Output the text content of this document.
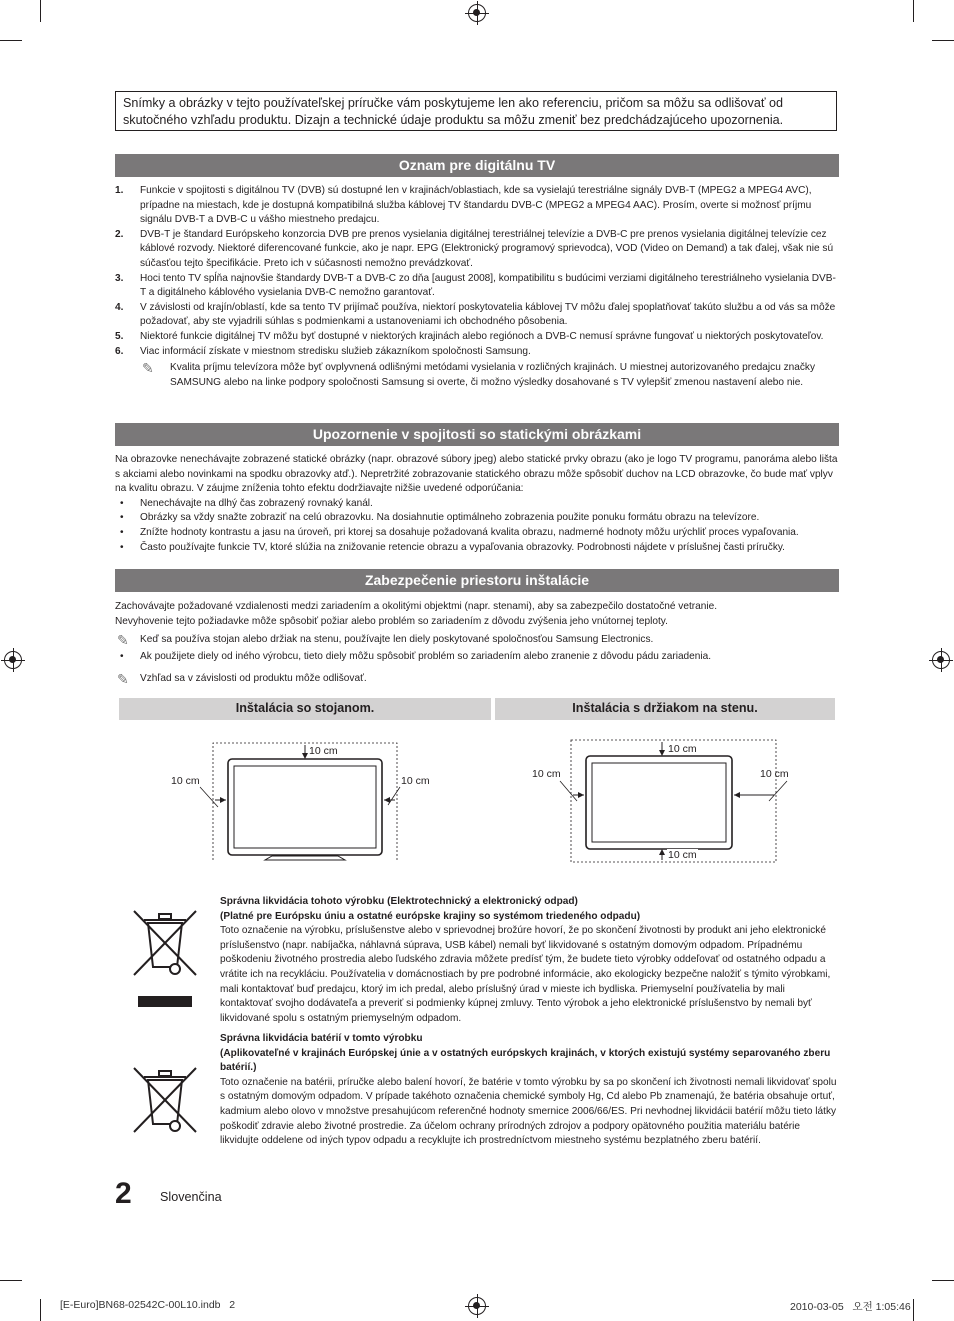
Snímky a obrázky v tejto používateľskej príručke vám poskytujeme len ako referenciu, pričom sa môžu sa odlišovať od skutočného vzhľadu produktu. Dizajn a technické údaje produktu sa môžu zmeniť bez predchádzajúceho upozornenia.
Oznam pre digitálnu TV
1. Funkcie v spojitosti s digitálnou TV (DVB) sú dostupné len v krajinách/oblastiach, kde sa vysielajú terestriálne signály DVB-T (MPEG2 a MPEG4 AVC), prípadne na miestach, kde je dostupná kompatibilná služba káblovej TV štandardu DVB-C (MPEG2 a MPEG4 AAC). Prosím, overte si možnosť príjmu signálu DVB-T a DVB-C u vášho miestneho predajcu.
2. DVB-T je štandard Európskeho konzorcia DVB pre prenos vysielania digitálnej terestriálnej televízie a DVB-C pre prenos vysielania digitálnej televízie cez káblové rozvody. Niektoré diferencované funkcie, ako je napr. EPG (Elektronický programový sprievodca), VOD (Video on Demand) a tak ďalej, však nie sú súčasťou tejto špecifikácie. Preto ich v súčasnosti nemožno prevádzkovať.
3. Hoci tento TV spĺňa najnovšie štandardy DVB-T a DVB-C zo dňa [august 2008], kompatibilitu s budúcimi verziami digitálneho terestriálneho vysielania DVB-T a digitálneho káblového vysielania DVB-C nemožno garantovať.
4. V závislosti od krajín/oblastí, kde sa tento TV prijímač používa, niektorí poskytovatelia káblovej TV môžu ďalej spoplatňovať takúto službu a od vás sa môže požadovať, aby ste vyjadrili súhlas s podmienkami a ustanoveniami ich obchodného pôsobenia.
5. Niektoré funkcie digitálnej TV môžu byť dostupné v niektorých krajinách alebo regiónoch a DVB-C nemusí správne fungovať u niektorých poskytovateľov.
6. Viac informácií získate v miestnom stredisku služieb zákazníkom spoločnosti Samsung.
✎ Kvalita príjmu televízora môže byť ovplyvnená odlišnými metódami vysielania v rozličných krajinách. U miestnej autorizovaného predajcu značky SAMSUNG alebo na linke podpory spoločnosti Samsung si overte, či možno výsledky dosahované s TV vylepšiť zmenou nastavení alebo nie.
Upozornenie v spojitosti so statickými obrázkami
Na obrazovke nenechávajte zobrazené statické obrázky (napr. obrazové súbory jpeg) alebo statické prvky obrazu (ako je logo TV programu, panoráma alebo lišta s akciami alebo novinkami na spodku obrazovky atď.). Nepretržité zobrazovanie statického obrazu môže spôsobiť duchov na LCD obrazovke, čo bude mať vplyv na kvalitu obrazu. V záujme zníženia tohto efektu dodržiavajte nižšie uvedené odporúčania:
• Nenechávajte na dlhý čas zobrazený rovnaký kanál.
• Obrázky sa vždy snažte zobraziť na celú obrazovku. Na dosiahnutie optimálneho zobrazenia použite ponuku formátu obrazu na televízore.
• Znížte hodnoty kontrastu a jasu na úroveň, pri ktorej sa dosahuje požadovaná kvalita obrazu, nadmerné hodnoty môžu urýchliť proces vypaľovania.
• Často používajte funkcie TV, ktoré slúžia na znižovanie retencie obrazu a vypaľovania obrazovky. Podrobnosti nájdete v príslušnej časti príručky.
Zabezpečenie priestoru inštalácie
Zachovávajte požadované vzdialenosti medzi zariadením a okolitými objektmi (napr. stenami), aby sa zabezpečilo dostatočné vetranie.
Nevyhovenie tejto požiadavke môže spôsobiť požiar alebo problém so zariadením z dôvodu zvýšenia jeho vnútornej teploty.
✎ Keď sa používa stojan alebo držiak na stenu, používajte len diely poskytované spoločnosťou Samsung Electronics.
• Ak použijete diely od iného výrobcu, tieto diely môžu spôsobiť problém so zariadením alebo zranenie z dôvodu pádu zariadenia.
✎ Vzhľad sa v závislosti od produktu môže odlišovať.
Inštalácia so stojanom.	Inštalácia s držiakom na stenu.
10 cm
10 cm	10 cm
10 cm
10 cm
10 cm	10 cm
Správna likvidácia tohoto výrobku (Elektrotechnický a elektronický odpad)
(Platné pre Európsku úniu a ostatné európske krajiny so systémom triedeného odpadu)
Toto označenie na výrobku, príslušenstve alebo v sprievodnej brožúre hovorí, že po skončení životnosti by produkt ani jeho elektronické príslušenstvo (napr. nabíjačka, náhlavná súprava, USB kábel) nemali byť likvidované s ostatným domovým odpadom. Prípadnému poškodeniu životného prostredia alebo ľudského zdravia môžete predísť tým, že budete tieto výrobky oddeľovať od ostatného odpadu a vrátite ich na recykláciu. Používatelia v domácnostiach by pre podrobné informácie, ako ekologicky bezpečne naložiť s týmito výrobkami, mali kontaktovať buď predajcu, ktorý im ich predal, alebo príslušný úrad v mieste ich bydliska. Priemyselní používatelia by mali kontaktovať svojho dodávateľa a preveriť si podmienky kúpnej zmluvy. Tento výrobok a jeho elektronické príslušenstvo by nemali byť likvidované spolu s ostatným priemyselným odpadom.
Správna likvidácia batérií v tomto výrobku
(Aplikovateľné v krajinách Európskej únie a v ostatných európskych krajinách, v ktorých existujú systémy separovaného zberu batérií.)
Toto označenie na batérii, príručke alebo balení hovorí, že batérie v tomto výrobku by sa po skončení ich životnosti nemali likvidovať spolu s ostatným domovým odpadom. V prípade takéhoto označenia chemické symboly Hg, Cd alebo Pb znamenajú, že batéria obsahuje ortuť, kadmium alebo olovo v množstve presahujúcom referenčné hodnoty smernice 2006/66/ES. Pri nevhodnej likvidácii batérií môžu tieto látky poškodiť zdravie alebo životné prostredie. Za účelom ochrany prírodných zdrojov a podpory opätovného použitia materiálu batérie likvidujte oddelene od iných typov odpadu a recyklujte ich prostredníctvom miestneho systému bezplatného zberu batérií.
2 Slovenčina
[E-Euro]BN68-02542C-00L10.indb   2	2010-03-05   오전 1:05:46
